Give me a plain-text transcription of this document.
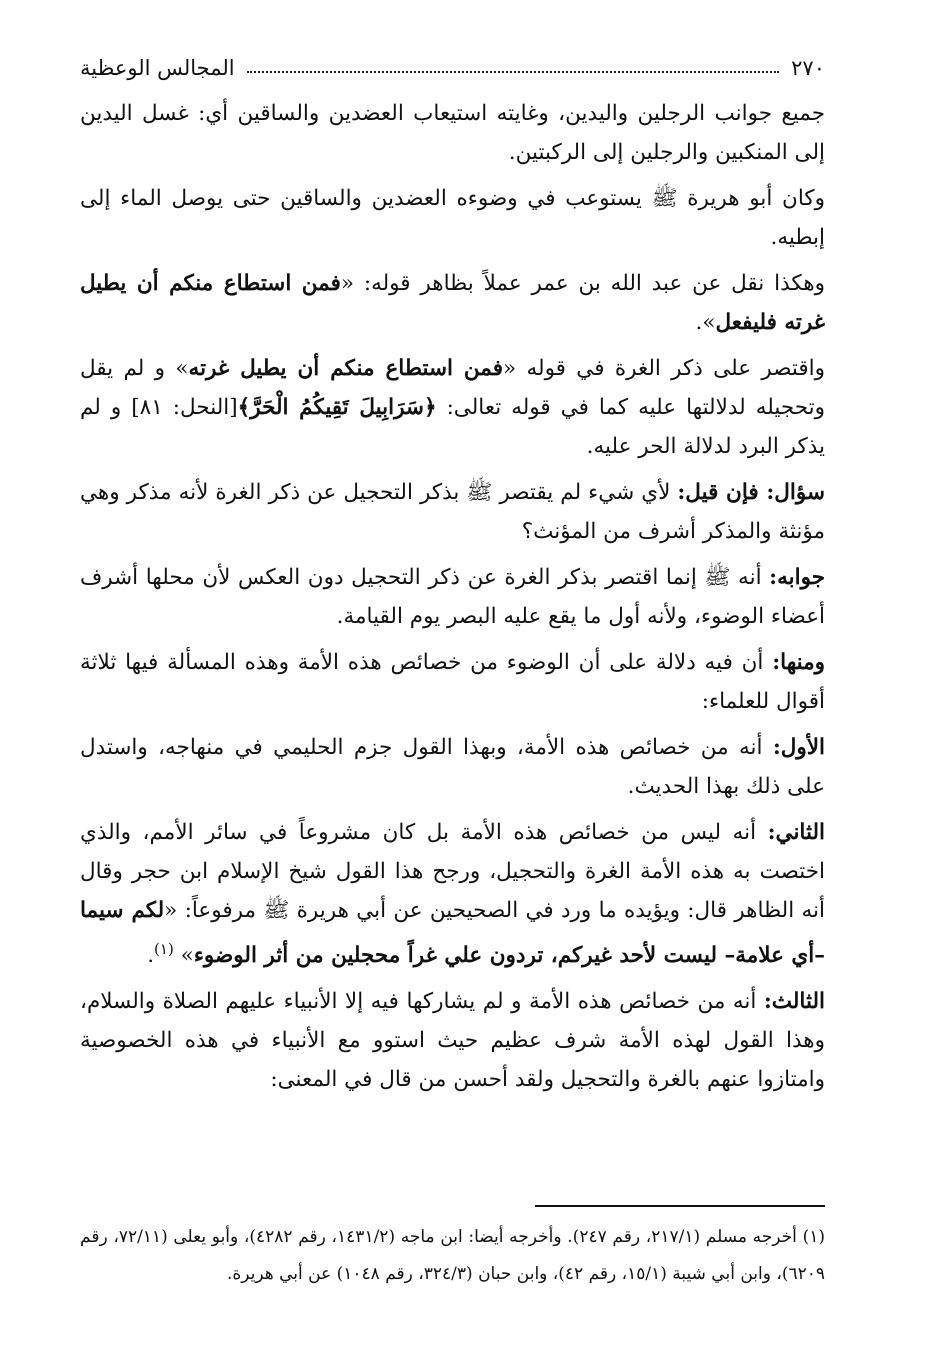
٢٧٠
المجالس الوعظية

جميع جوانب الرجلين واليدين، وغايته استيعاب العضدين والساقين أي: غسل اليدين إلى المنكبين والرجلين إلى الركبتين.

وكان أبو هريرة ﷺ يستوعب في وضوءه العضدين والساقين حتى يوصل الماء إلى إبطيه.

وهكذا نقل عن عبد الله بن عمر عملاً بظاهر قوله: «فمن استطاع منكم أن يطيل غرته فليفعل».

واقتصر على ذكر الغرة في قوله «فمن استطاع منكم أن يطيل غرته» و لم يقل وتحجيله لدلالتها عليه كما في قوله تعالى: ﴿سَرَابِيلَ تَقِيكُمُ الْحَرَّ﴾[النحل: ٨١] و لم يذكر البرد لدلالة الحر عليه.

سؤال: فإن قيل: لأي شيء لم يقتصر ﷺ بذكر التحجيل عن ذكر الغرة لأنه مذكر وهي مؤنثة والمذكر أشرف من المؤنث؟

جوابه: أنه ﷺ إنما اقتصر بذكر الغرة عن ذكر التحجيل دون العكس لأن محلها أشرف أعضاء الوضوء، ولأنه أول ما يقع عليه البصر يوم القيامة.

ومنها: أن فيه دلالة على أن الوضوء من خصائص هذه الأمة وهذه المسألة فيها ثلاثة أقوال للعلماء:

الأول: أنه من خصائص هذه الأمة، وبهذا القول جزم الحليمي في منهاجه، واستدل على ذلك بهذا الحديث.

الثاني: أنه ليس من خصائص هذه الأمة بل كان مشروعاً في سائر الأمم، والذي اختصت به هذه الأمة الغرة والتحجيل، ورجح هذا القول شيخ الإسلام ابن حجر وقال أنه الظاهر قال: ويؤيده ما ورد في الصحيحين عن أبي هريرة ﷺ مرفوعاً: «لكم سيما –أي علامة– ليست لأحد غيركم، تردون علي غراً محجلين من أثر الوضوء» $^{(١)}$.

الثالث: أنه من خصائص هذه الأمة و لم يشاركها فيه إلا الأنبياء عليهم الصلاة والسلام، وهذا القول لهذه الأمة شرف عظيم حيث استوو مع الأنبياء في هذه الخصوصية وامتازوا عنهم بالغرة والتحجيل ولقد أحسن من قال في المعنى:

(١) أخرجه مسلم (٢١٧/١، رقم ٢٤٧). وأخرجه أيضا: ابن ماجه (١٤٣١/٢، رقم ٤٢٨٢)، وأبو يعلى (٧٢/١١، رقم ٦٢٠٩)، وابن أبي شيبة (١٥/١، رقم ٤٢)، وابن حبان (٣٢٤/٣، رقم ١٠٤٨) عن أبي هريرة.
